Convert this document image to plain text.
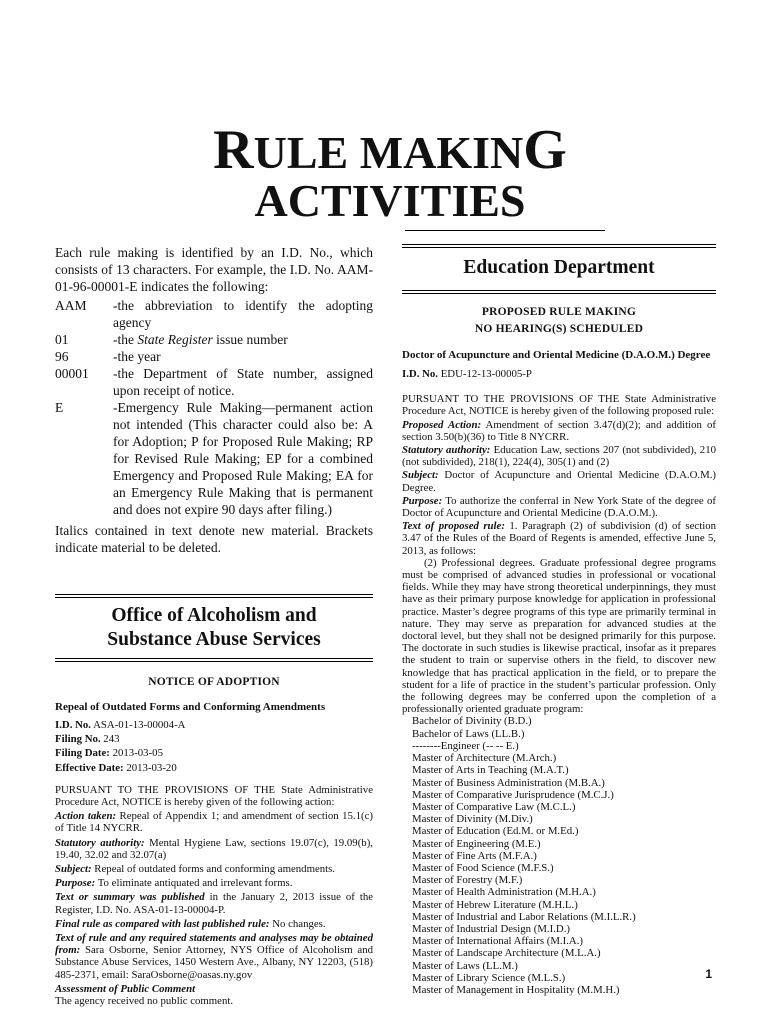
RULE MAKING
ACTIVITIES
Each rule making is identified by an I.D. No., which consists of 13 characters. For example, the I.D. No. AAM-01-96-00001-E indicates the following:
AAM	-the abbreviation to identify the adopting agency
01	-the State Register issue number
96	-the year
00001	-the Department of State number, assigned upon receipt of notice.
E	-Emergency Rule Making—permanent action not intended (This character could also be: A for Adoption; P for Proposed Rule Making; RP for Revised Rule Making; EP for a combined Emergency and Proposed Rule Making; EA for an Emergency Rule Making that is permanent and does not expire 90 days after filing.)
Italics contained in text denote new material. Brackets indicate material to be deleted.
Office of Alcoholism and
Substance Abuse Services
NOTICE OF ADOPTION
Repeal of Outdated Forms and Conforming Amendments
I.D. No. ASA-01-13-00004-A
Filing No. 243
Filing Date: 2013-03-05
Effective Date: 2013-03-20
PURSUANT TO THE PROVISIONS OF THE State Administrative Procedure Act, NOTICE is hereby given of the following action:
Action taken: Repeal of Appendix 1; and amendment of section 15.1(c) of Title 14 NYCRR.
Statutory authority: Mental Hygiene Law, sections 19.07(c), 19.09(b), 19.40, 32.02 and 32.07(a)
Subject: Repeal of outdated forms and conforming amendments.
Purpose: To eliminate antiquated and irrelevant forms.
Text or summary was published in the January 2, 2013 issue of the Register, I.D. No. ASA-01-13-00004-P.
Final rule as compared with last published rule: No changes.
Text of rule and any required statements and analyses may be obtained from: Sara Osborne, Senior Attorney, NYS Office of Alcoholism and Substance Abuse Services, 1450 Western Ave., Albany, NY 12203, (518) 485-2371, email: SaraOsborne@oasas.ny.gov
Assessment of Public Comment
The agency received no public comment.
Education Department
PROPOSED RULE MAKING
NO HEARING(S) SCHEDULED
Doctor of Acupuncture and Oriental Medicine (D.A.O.M.) Degree
I.D. No. EDU-12-13-00005-P
PURSUANT TO THE PROVISIONS OF THE State Administrative Procedure Act, NOTICE is hereby given of the following proposed rule:
Proposed Action: Amendment of section 3.47(d)(2); and addition of section 3.50(b)(36) to Title 8 NYCRR.
Statutory authority: Education Law, sections 207 (not subdivided), 210 (not subdivided), 218(1), 224(4), 305(1) and (2)
Subject: Doctor of Acupuncture and Oriental Medicine (D.A.O.M.) Degree.
Purpose: To authorize the conferral in New York State of the degree of Doctor of Acupuncture and Oriental Medicine (D.A.O.M.).
Text of proposed rule: 1. Paragraph (2) of subdivision (d) of section 3.47 of the Rules of the Board of Regents is amended, effective June 5, 2013, as follows:
(2) Professional degrees. Graduate professional degree programs must be comprised of advanced studies in professional or vocational fields. While they may have strong theoretical underpinnings, they must have as their primary purpose knowledge for application in professional practice. Master’s degree programs of this type are primarily terminal in nature. They may serve as preparation for advanced studies at the doctoral level, but they shall not be designed primarily for this purpose. The doctorate in such studies is likewise practical, insofar as it prepares the student to train or supervise others in the field, to discover new knowledge that has practical application in the field, or to prepare the student for a life of practice in the student’s particular profession. Only the following degrees may be conferred upon the completion of a professionally oriented graduate program:
Bachelor of Divinity (B.D.)
Bachelor of Laws (LL.B.)
--------Engineer (-- -- E.)
Master of Architecture (M.Arch.)
Master of Arts in Teaching (M.A.T.)
Master of Business Administration (M.B.A.)
Master of Comparative Jurisprudence (M.C.J.)
Master of Comparative Law (M.C.L.)
Master of Divinity (M.Div.)
Master of Education (Ed.M. or M.Ed.)
Master of Engineering (M.E.)
Master of Fine Arts (M.F.A.)
Master of Food Science (M.F.S.)
Master of Forestry (M.F.)
Master of Health Administration (M.H.A.)
Master of Hebrew Literature (M.H.L.)
Master of Industrial and Labor Relations (M.I.L.R.)
Master of Industrial Design (M.I.D.)
Master of International Affairs (M.I.A.)
Master of Landscape Architecture (M.L.A.)
Master of Laws (LL.M.)
Master of Library Science (M.L.S.)
Master of Management in Hospitality (M.M.H.)
1
